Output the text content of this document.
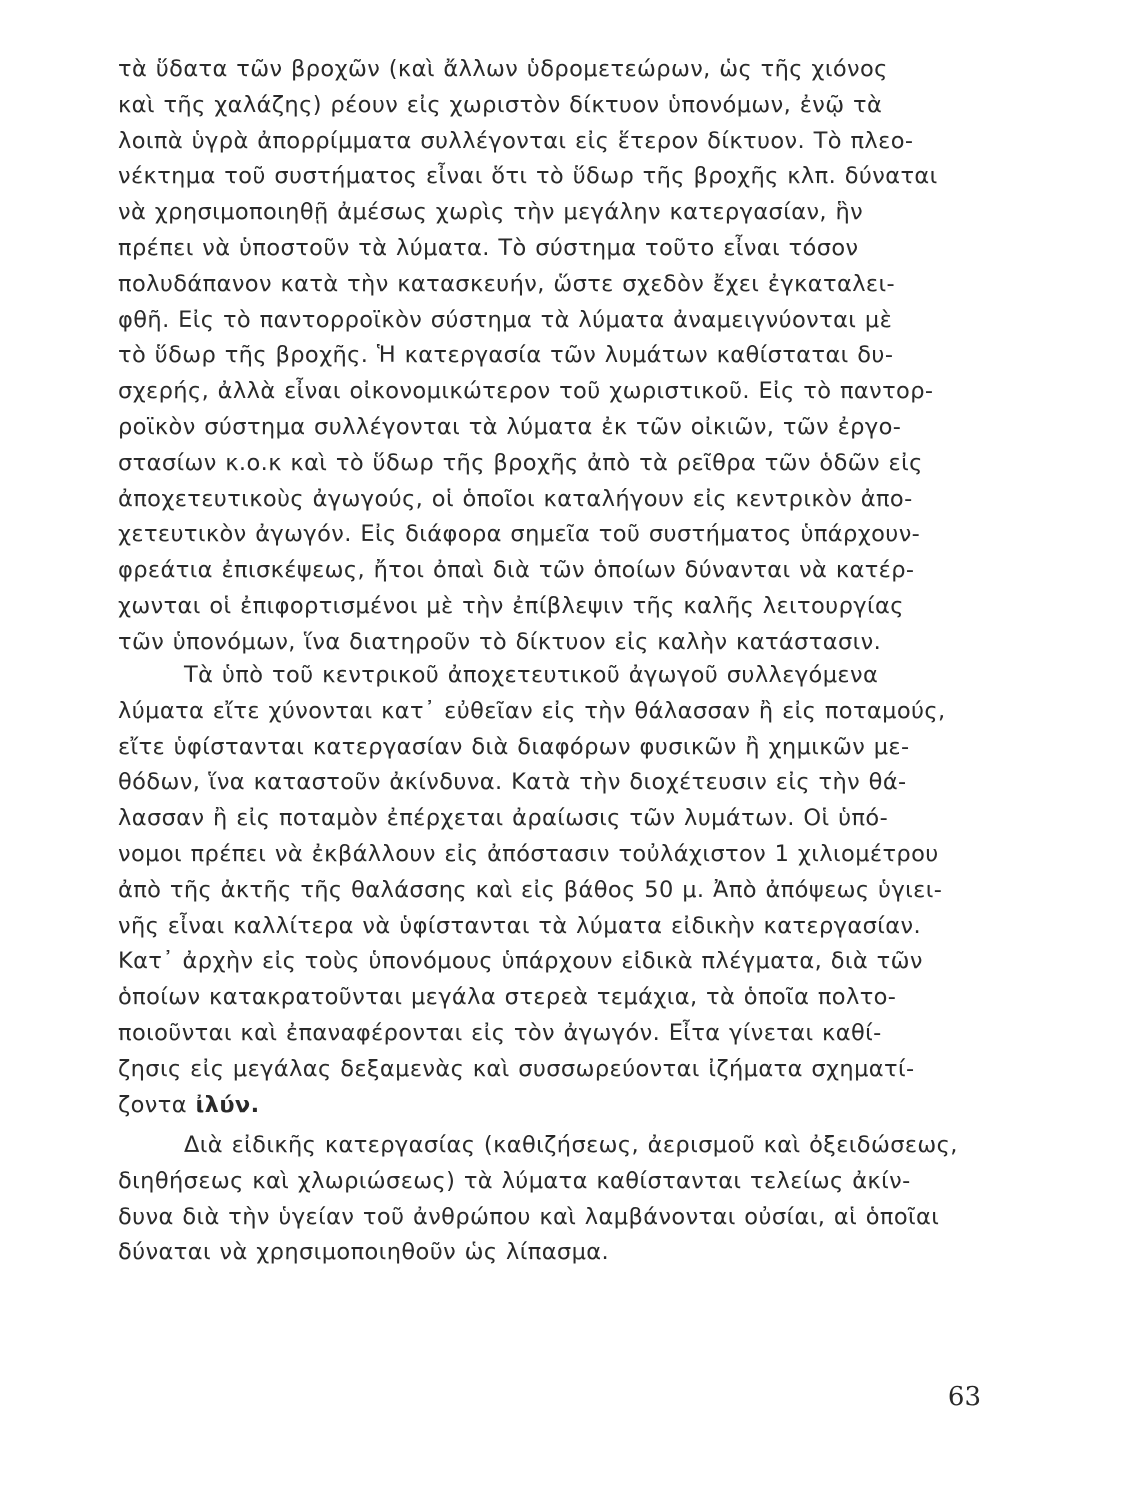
τὰ ὕδατα τῶν βροχῶν (καὶ ἄλλων ὑδρομετεώρων, ὡς τῆς χιόνος
καὶ τῆς χαλάζης) ρέουν εἰς χωριστὸν δίκτυον ὑπονόμων, ἐνῷ τὰ
λοιπὰ ὑγρὰ ἀπορρίμματα συλλέγονται εἰς ἕτερον δίκτυον. Τὸ πλεο-
νέκτημα τοῦ συστήματος εἶναι ὅτι τὸ ὕδωρ τῆς βροχῆς κλπ. δύναται
νὰ χρησιμοποιηθῇ ἀμέσως χωρὶς τὴν μεγάλην κατεργασίαν, ἣν
πρέπει νὰ ὑποστοῦν τὰ λύματα. Τὸ σύστημα τοῦτο εἶναι τόσον
πολυδάπανον κατὰ τὴν κατασκευήν, ὥστε σχεδὸν ἔχει ἐγκαταλει-
φθῆ. Εἰς τὸ παντορροϊκὸν σύστημα τὰ λύματα ἀναμειγνύονται μὲ
τὸ ὕδωρ τῆς βροχῆς. Ἡ κατεργασία τῶν λυμάτων καθίσταται δυ-
σχερής, ἀλλὰ εἶναι οἰκονομικώτερον τοῦ χωριστικοῦ. Εἰς τὸ παντορ-
ροϊκὸν σύστημα συλλέγονται τὰ λύματα ἐκ τῶν οἰκιῶν, τῶν ἐργο-
στασίων κ.ο.κ καὶ τὸ ὕδωρ τῆς βροχῆς ἀπὸ τὰ ρεῖθρα τῶν ὁδῶν εἰς
ἀποχετευτικοὺς ἀγωγούς, οἱ ὁποῖοι καταλήγουν εἰς κεντρικὸν ἀπο-
χετευτικὸν ἀγωγόν. Εἰς διάφορα σημεῖα τοῦ συστήματος ὑπάρχουν-
φρεάτια ἐπισκέψεως, ἤτοι ὀπαὶ διὰ τῶν ὁποίων δύνανται νὰ κατέρ-
χωνται οἱ ἐπιφορτισμένοι μὲ τὴν ἐπίβλεψιν τῆς καλῆς λειτουργίας
τῶν ὑπονόμων, ἵνα διατηροῦν τὸ δίκτυον εἰς καλὴν κατάστασιν.
Τὰ ὑπὸ τοῦ κεντρικοῦ ἀποχετευτικοῦ ἀγωγοῦ συλλεγόμενα
λύματα εἴτε χύνονται κατ᾽ εὐθεῖαν εἰς τὴν θάλασσαν ἢ εἰς ποταμούς,
εἴτε ὑφίστανται κατεργασίαν διὰ διαφόρων φυσικῶν ἢ χημικῶν με-
θόδων, ἵνα καταστοῦν ἀκίνδυνα. Κατὰ τὴν διοχέτευσιν εἰς τὴν θά-
λασσαν ἢ εἰς ποταμὸν ἐπέρχεται ἀραίωσις τῶν λυμάτων. Οἱ ὑπό-
νομοι πρέπει νὰ ἐκβάλλουν εἰς ἀπόστασιν τοὐλάχιστον 1 χιλιομέτρου
ἀπὸ τῆς ἀκτῆς τῆς θαλάσσης καὶ εἰς βάθος 50 μ. Ἀπὸ ἀπόψεως ὑγιει-
νῆς εἶναι καλλίτερα νὰ ὑφίστανται τὰ λύματα εἰδικὴν κατεργασίαν.
Κατ᾽ ἀρχὴν εἰς τοὺς ὑπονόμους ὑπάρχουν εἰδικὰ πλέγματα, διὰ τῶν
ὁποίων κατακρατοῦνται μεγάλα στερεὰ τεμάχια, τὰ ὁποῖα πολτο-
ποιοῦνται καὶ ἐπαναφέρονται εἰς τὸν ἀγωγόν. Εἶτα γίνεται καθί-
ζησις εἰς μεγάλας δεξαμενὰς καὶ συσσωρεύονται ἰζήματα σχηματί-
ζοντα ἰλύν.
Διὰ εἰδικῆς κατεργασίας (καθιζήσεως, ἀερισμοῦ καὶ ὀξειδώσεως,
διηθήσεως καὶ χλωριώσεως) τὰ λύματα καθίστανται τελείως ἀκίν-
δυνα διὰ τὴν ὑγείαν τοῦ ἀνθρώπου καὶ λαμβάνονται οὐσίαι, αἱ ὁποῖαι
δύναται νὰ χρησιμοποιηθοῦν ὡς λίπασμα.
63
